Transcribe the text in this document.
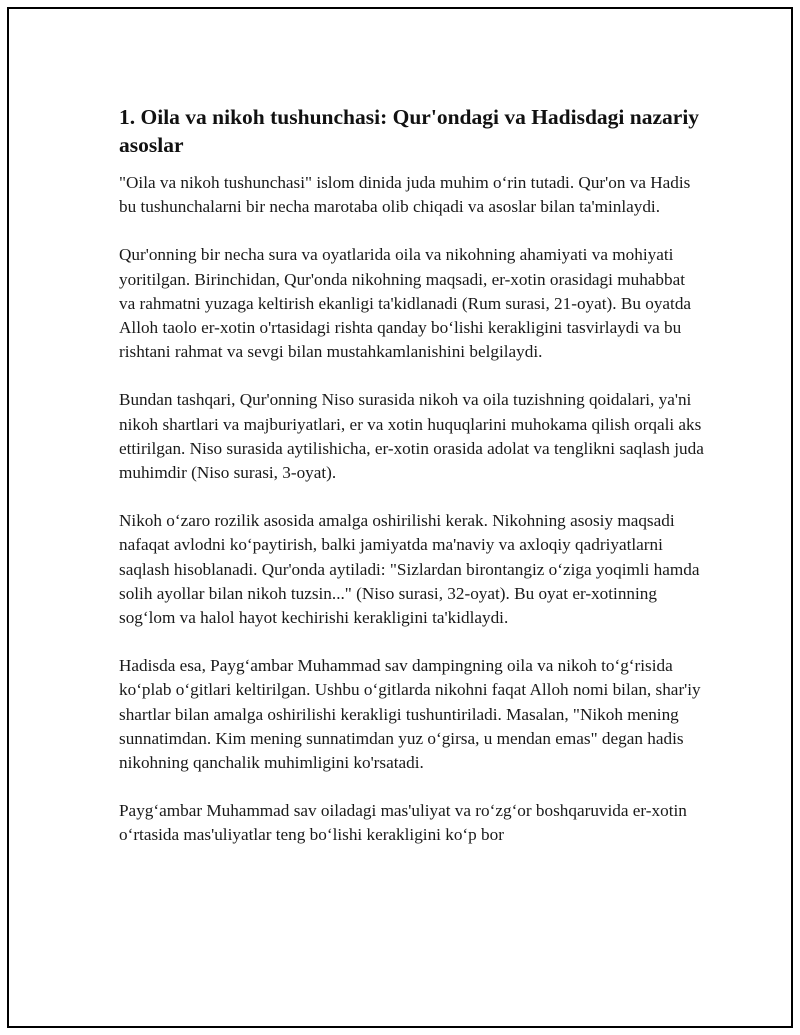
1. Oila va nikoh tushunchasi: Qur'ondagi va Hadisdagi nazariy asoslar

"Oila va nikoh tushunchasi" islom dinida juda muhim o‘rin tutadi. Qur'on va Hadis bu tushunchalarni bir necha marotaba olib chiqadi va asoslar bilan ta'minlaydi.

Qur'onning bir necha sura va oyatlarida oila va nikohning ahamiyati va mohiyati yoritilgan. Birinchidan, Qur'onda nikohning maqsadi, er-xotin orasidagi muhabbat va rahmatni yuzaga keltirish ekanligi ta'kidlanadi (Rum surasi, 21-oyat). Bu oyatda Alloh taolo er-xotin o'rtasidagi rishta qanday bo‘lishi kerakligini tasvirlaydi va bu rishtani rahmat va sevgi bilan mustahkamlanishini belgilaydi.

Bundan tashqari, Qur'onning Niso surasida nikoh va oila tuzishning qoidalari, ya'ni nikoh shartlari va majburiyatlari, er va xotin huquqlarini muhokama qilish orqali aks ettirilgan. Niso surasida aytilishicha, er-xotin orasida adolat va tenglikni saqlash juda muhimdir (Niso surasi, 3-oyat).

Nikoh o‘zaro rozilik asosida amalga oshirilishi kerak. Nikohning asosiy maqsadi nafaqat avlodni ko‘paytirish, balki jamiyatda ma'naviy va axloqiy qadriyatlarni saqlash hisoblanadi. Qur'onda aytiladi: "Sizlardan birontangiz o‘ziga yoqimli hamda solih ayollar bilan nikoh tuzsin..." (Niso surasi, 32-oyat). Bu oyat er-xotinning sog‘lom va halol hayot kechirishi kerakligini ta'kidlaydi.

Hadisda esa, Payg‘ambar Muhammad sav dampingning oila va nikoh to‘g‘risida ko‘plab o‘gitlari keltirilgan. Ushbu o‘gitlarda nikohni faqat Alloh nomi bilan, shar'iy shartlar bilan amalga oshirilishi kerakligi tushuntiriladi. Masalan, "Nikoh mening sunnatimdan. Kim mening sunnatimdan yuz o‘girsa, u mendan emas" degan hadis nikohning qanchalik muhimligini ko'rsatadi.

Payg‘ambar Muhammad sav oiladagi mas'uliyat va ro‘zg‘or boshqaruvida er-xotin o‘rtasida mas'uliyatlar teng bo‘lishi kerakligini ko‘p bor
